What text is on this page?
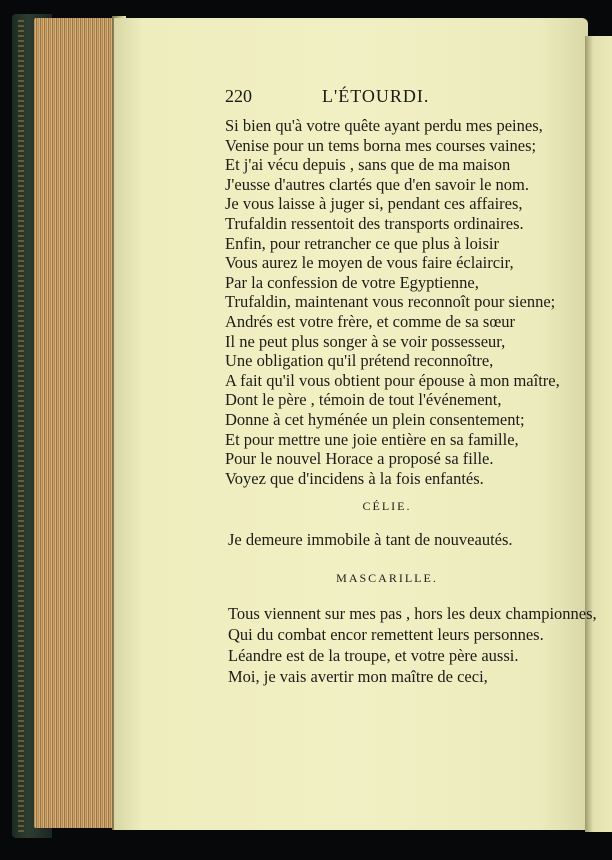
220	L'ÉTOURDI.
Si bien qu'à votre quête ayant perdu mes peines,
Venise pour un tems borna mes courses vaines;
Et j'ai vécu depuis , sans que de ma maison
J'eusse d'autres clartés que d'en savoir le nom.
Je vous laisse à juger si, pendant ces affaires,
Trufaldin ressentoit des transports ordinaires.
Enfin, pour retrancher ce que plus à loisir
Vous aurez le moyen de vous faire éclaircir,
Par la confession de votre Egyptienne,
Trufaldin, maintenant vous reconnoît pour sienne;
Andrés est votre frère, et comme de sa sœur
Il ne peut plus songer à se voir possesseur,
Une obligation qu'il prétend reconnoître,
A fait qu'il vous obtient pour épouse à mon maître,
Dont le père , témoin de tout l'événement,
Donne à cet hyménée un plein consentement;
Et pour mettre une joie entière en sa famille,
Pour le nouvel Horace a proposé sa fille.
Voyez que d'incidens à la fois enfantés.
CÉLIE.
Je demeure immobile à tant de nouveautés.
MASCARILLE.
Tous viennent sur mes pas , hors les deux championnes,
Qui du combat encor remettent leurs personnes.
Léandre est de la troupe, et votre père aussi.
Moi, je vais avertir mon maître de ceci,
